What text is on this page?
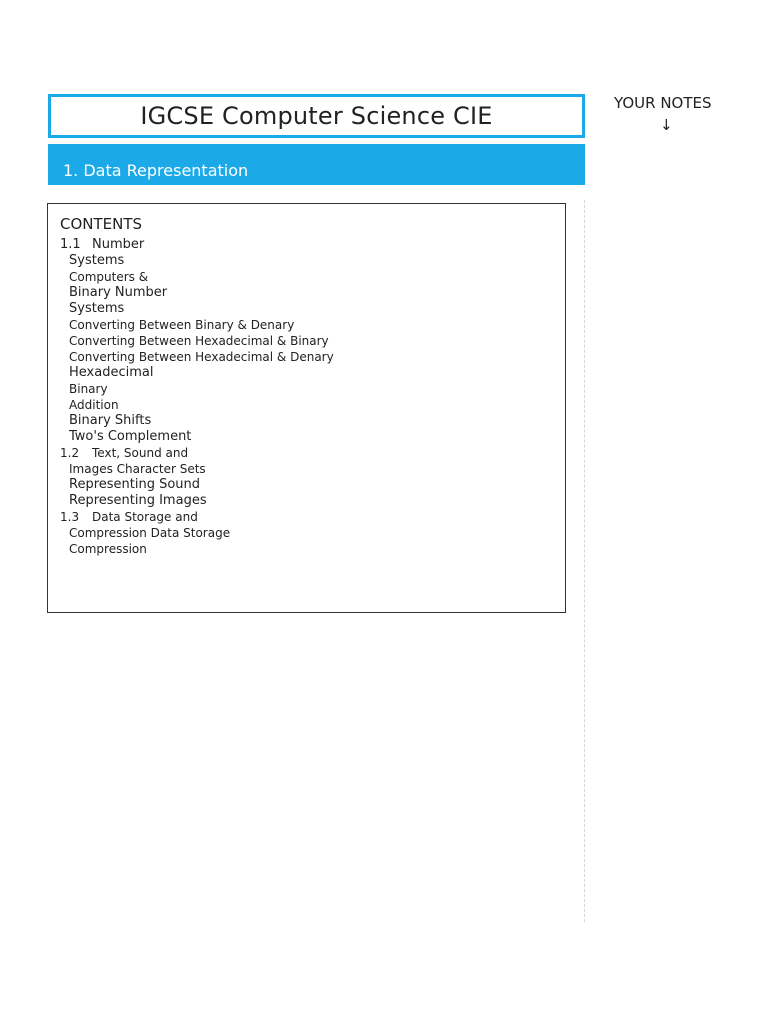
IGCSE Computer Science CIE
1. Data Representation
YOUR NOTES
↓
CONTENTS
1.1 Number
Systems
Computers &
Binary Number
Systems
Converting Between Binary & Denary
Converting Between Hexadecimal & Binary
Converting Between Hexadecimal & Denary
Hexadecimal
Binary
Addition
Binary Shifts
Two's Complement
1.2 Text, Sound and
Images Character Sets
Representing Sound
Representing Images
1.3 Data Storage and
Compression Data Storage
Compression
